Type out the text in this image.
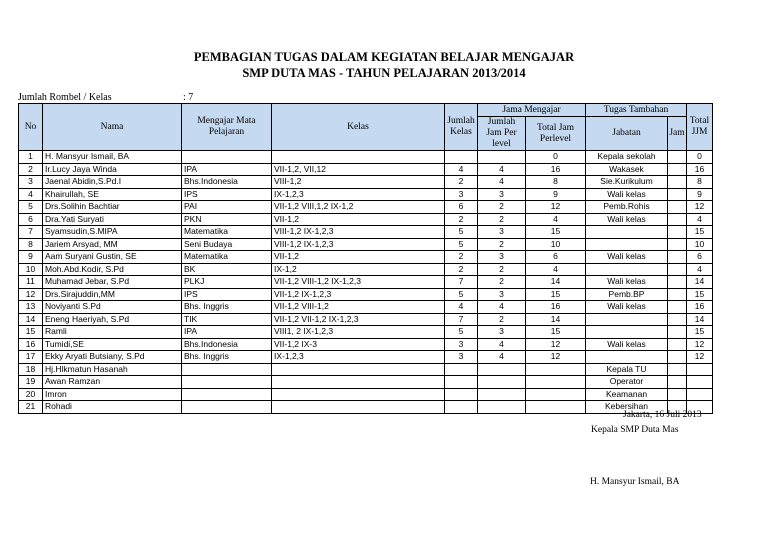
PEMBAGIAN TUGAS DALAM KEGIATAN BELAJAR MENGAJAR
SMP DUTA MAS - TAHUN PELAJARAN 2013/2014
Jumlah Rombel / Kelas	: 7
No	Nama	Mengajar Mata Pelajaran	Kelas	Jumlah Kelas	Jama Mengajar		Tugas Tambahan		Total JJM
					Jumlah Jam Per level	Total Jam Perlevel	Jabatan	Jam	
1	H. Mansyur Ismail, BA					0	Kepala sekolah		0
2	Ir.Lucy Jaya Winda	IPA	VII-1,2, VII,12	4	4	16	Wakasek		16
3	Jaenal Abidin,S.Pd.I	Bhs.Indonesia	VIII-1,2	2	4	8	Sie.Kurikulum		8
4	Khairullah, SE	IPS	IX-1,2,3	3	3	9	Wali kelas		9
5	Drs.Solihin Bachtiar	PAI	VII-1,2 VIII,1,2 IX-1,2	6	2	12	Pemb.Rohis		12
6	Dra.Yati Suryati	PKN	VII-1,2	2	2	4	Wali kelas		4
7	Syamsudin,S.MIPA	Matematika	VIII-1,2 IX-1,2,3	5	3	15			15
8	Jariem Arsyad, MM	Seni Budaya	VIII-1,2 IX-1,2,3	5	2	10			10
9	Aam Suryani Gustin, SE	Matematika	VII-1,2	2	3	6	Wali kelas		6
10	Moh.Abd.Kodir, S.Pd	BK	IX-1,2	2	2	4			4
11	Muhamad Jebar, S.Pd	PLKJ	VII-1,2 VIII-1,2 IX-1,2,3	7	2	14	Wali kelas		14
12	Drs.Sirajuddin,MM	IPS	VII-1,2 IX-1,2,3	5	3	15	Pemb.BP		15
13	Noviyanti S.Pd	Bhs. Inggris	VII-1,2 VIII-1,2	4	4	16	Wali kelas		16
14	Eneng Haeriyah, S.Pd	TIK	VII-1,2 VII-1,2 IX-1,2,3	7	2	14			14
15	Ramli	IPA	VIII1, 2 IX-1,2,3	5	3	15			15
16	Tumidi,SE	Bhs.Indonesia	VII-1,2 IX-3	3	4	12	Wali kelas		12
17	Ekky Aryati Butsiany, S.Pd	Bhs. Inggris	IX-1,2,3	3	4	12			12
18	Hj.Hlkmatun Hasanah						Kepala TU		
19	Awan Ramzan						Operator		
20	Imron						Keamanan		
21	Rohadi						Kebersihan		
Jakarta, 16 Juli 2013
Kepala SMP Duta Mas
H. Mansyur Ismail, BA
